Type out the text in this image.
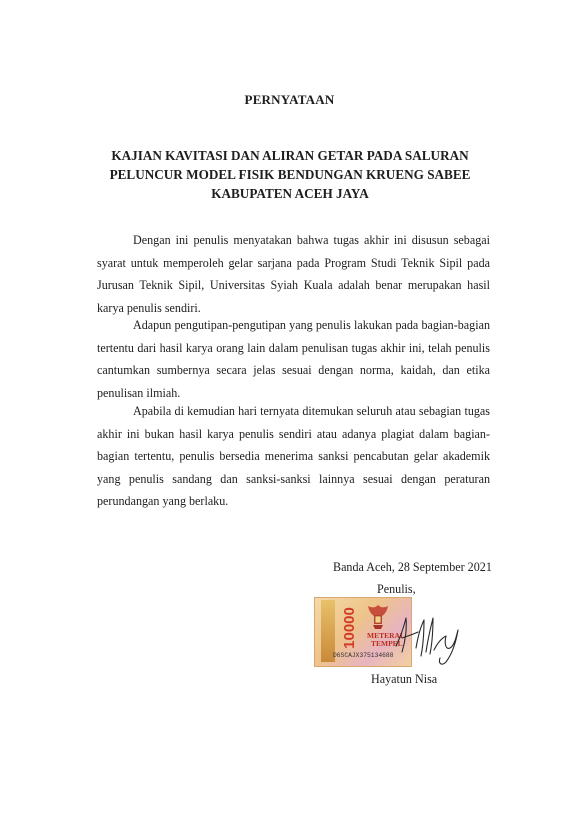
PERNYATAAN
KAJIAN KAVITASI DAN ALIRAN GETAR PADA SALURAN
PELUNCUR MODEL FISIK BENDUNGAN KRUENG SABEE
KABUPATEN ACEH JAYA

Dengan ini penulis menyatakan bahwa tugas akhir ini disusun sebagai syarat untuk memperoleh gelar sarjana pada Program Studi Teknik Sipil pada Jurusan Teknik Sipil, Universitas Syiah Kuala adalah benar merupakan hasil karya penulis sendiri.

Adapun pengutipan-pengutipan yang penulis lakukan pada bagian-bagian tertentu dari hasil karya orang lain dalam penulisan tugas akhir ini, telah penulis cantumkan sumbernya secara jelas sesuai dengan norma, kaidah, dan etika penulisan ilmiah.

Apabila di kemudian hari ternyata ditemukan seluruh atau sebagian tugas akhir ini bukan hasil karya penulis sendiri atau adanya plagiat dalam bagian-bagian tertentu, penulis bersedia menerima sanksi pencabutan gelar akademik yang penulis sandang dan sanksi-sanksi lainnya sesuai dengan peraturan perundangan yang berlaku.

Banda Aceh, 28 September 2021
Penulis,
10000	METERAI
TEMPEL
D6SCAJX375134688
Hayatun Nisa
